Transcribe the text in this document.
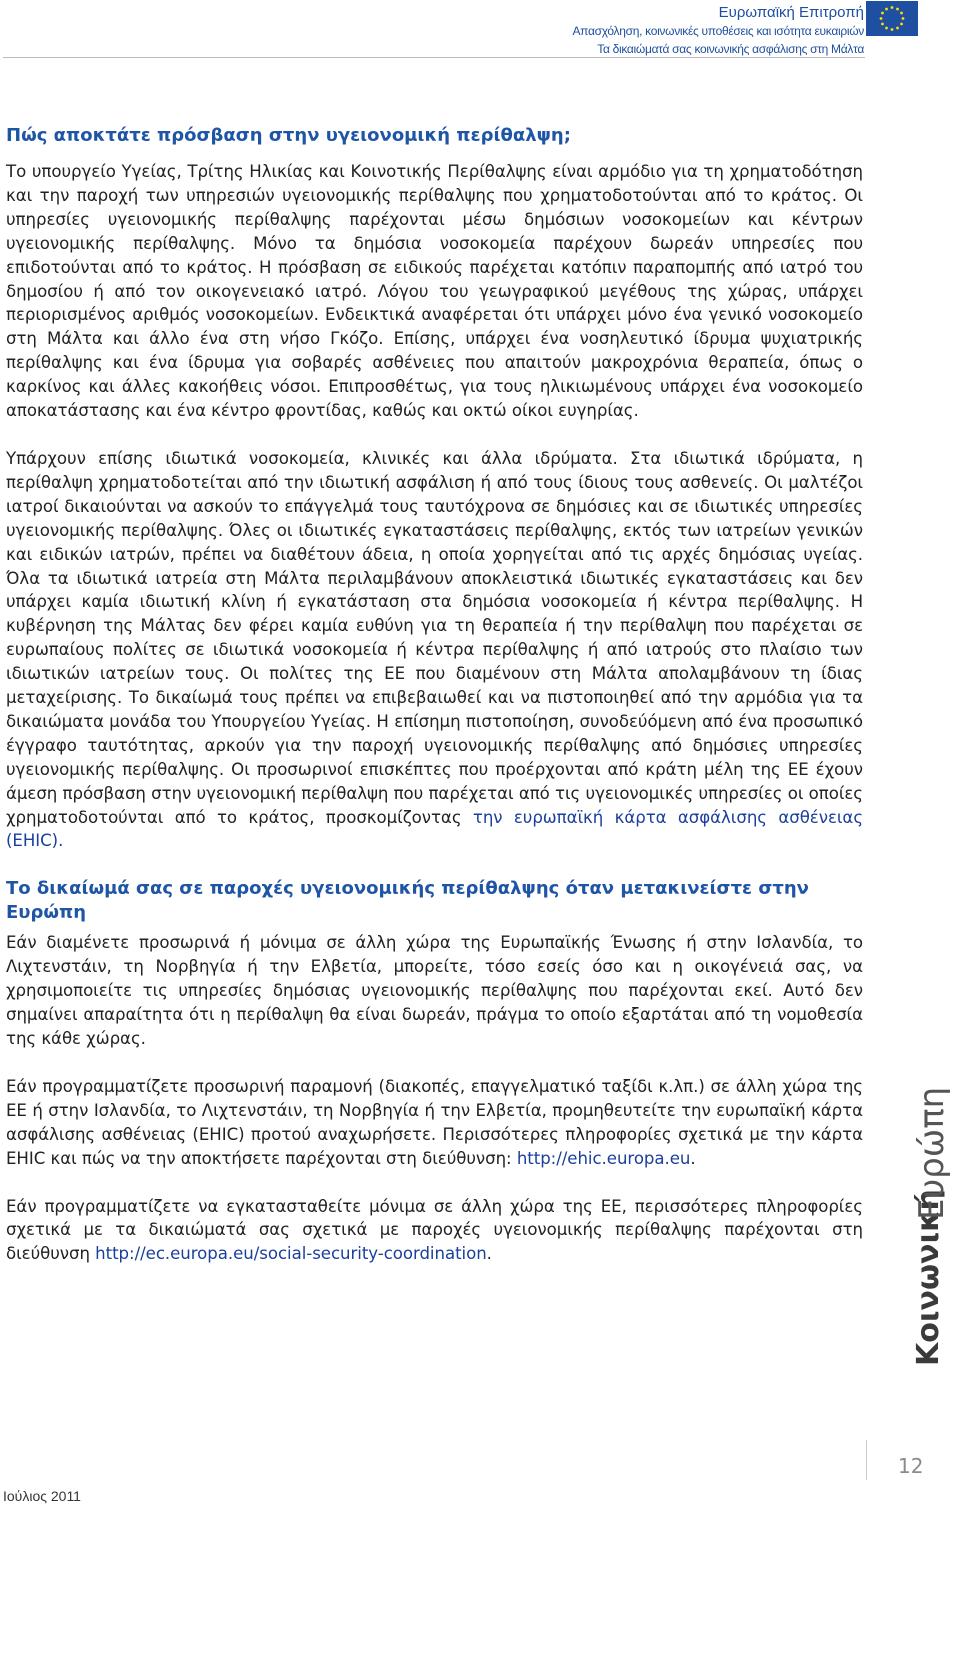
Ευρωπαϊκή Επιτροπή
Απασχόληση, κοινωνικές υποθέσεις και ισότητα ευκαιριών
Τα δικαιώματά σας κοινωνικής ασφάλισης στη Μάλτα
Πώς αποκτάτε πρόσβαση στην υγειονομική περίθαλψη;

Το υπουργείο Υγείας, Τρίτης Ηλικίας και Κοινοτικής Περίθαλψης είναι αρμόδιο για τη χρηματοδότηση και την παροχή των υπηρεσιών υγειονομικής περίθαλψης που χρηματοδοτούνται από το κράτος. Οι υπηρεσίες υγειονομικής περίθαλψης παρέχονται μέσω δημόσιων νοσοκομείων και κέντρων υγειονομικής περίθαλψης. Μόνο τα δημόσια νοσοκομεία παρέχουν δωρεάν υπηρεσίες που επιδοτούνται από το κράτος. Η πρόσβαση σε ειδικούς παρέχεται κατόπιν παραπομπής από ιατρό του δημοσίου ή από τον οικογενειακό ιατρό. Λόγου του γεωγραφικού μεγέθους της χώρας, υπάρχει περιορισμένος αριθμός νοσοκομείων. Ενδεικτικά αναφέρεται ότι υπάρχει μόνο ένα γενικό νοσοκομείο στη Μάλτα και άλλο ένα στη νήσο Γκόζο. Επίσης, υπάρχει ένα νοσηλευτικό ίδρυμα ψυχιατρικής περίθαλψης και ένα ίδρυμα για σοβαρές ασθένειες που απαιτούν μακροχρόνια θεραπεία, όπως ο καρκίνος και άλλες κακοήθεις νόσοι. Επιπροσθέτως, για τους ηλικιωμένους υπάρχει ένα νοσοκομείο αποκατάστασης και ένα κέντρο φροντίδας, καθώς και οκτώ οίκοι ευγηρίας.

Υπάρχουν επίσης ιδιωτικά νοσοκομεία, κλινικές και άλλα ιδρύματα. Στα ιδιωτικά ιδρύματα, η περίθαλψη χρηματοδοτείται από την ιδιωτική ασφάλιση ή από τους ίδιους τους ασθενείς. Οι μαλτέζοι ιατροί δικαιούνται να ασκούν το επάγγελμά τους ταυτόχρονα σε δημόσιες και σε ιδιωτικές υπηρεσίες υγειονομικής περίθαλψης. Όλες οι ιδιωτικές εγκαταστάσεις περίθαλψης, εκτός των ιατρείων γενικών και ειδικών ιατρών, πρέπει να διαθέτουν άδεια, η οποία χορηγείται από τις αρχές δημόσιας υγείας. Όλα τα ιδιωτικά ιατρεία στη Μάλτα περιλαμβάνουν αποκλειστικά ιδιωτικές εγκαταστάσεις και δεν υπάρχει καμία ιδιωτική κλίνη ή εγκατάσταση στα δημόσια νοσοκομεία ή κέντρα περίθαλψης. Η κυβέρνηση της Μάλτας δεν φέρει καμία ευθύνη για τη θεραπεία ή την περίθαλψη που παρέχεται σε ευρωπαίους πολίτες σε ιδιωτικά νοσοκομεία ή κέντρα περίθαλψης ή από ιατρούς στο πλαίσιο των ιδιωτικών ιατρείων τους. Οι πολίτες της ΕΕ που διαμένουν στη Μάλτα απολαμβάνουν τη ίδιας μεταχείρισης. Το δικαίωμά τους πρέπει να επιβεβαιωθεί και να πιστοποιηθεί από την αρμόδια για τα δικαιώματα μονάδα του Υπουργείου Υγείας. Η επίσημη πιστοποίηση, συνοδεύόμενη από ένα προσωπικό έγγραφο ταυτότητας, αρκούν για την παροχή υγειονομικής περίθαλψης από δημόσιες υπηρεσίες υγειονομικής περίθαλψης. Οι προσωρινοί επισκέπτες που προέρχονται από κράτη μέλη της ΕΕ έχουν άμεση πρόσβαση στην υγειονομική περίθαλψη που παρέχεται από τις υγειονομικές υπηρεσίες οι οποίες χρηματοδοτούνται από το κράτος, προσκομίζοντας την ευρωπαϊκή κάρτα ασφάλισης ασθένειας (EHIC).

Το δικαίωμά σας σε παροχές υγειονομικής περίθαλψης όταν μετακινείστε στην Ευρώπη

Εάν διαμένετε προσωρινά ή μόνιμα σε άλλη χώρα της Ευρωπαϊκής Ένωσης ή στην Ισλανδία, το Λιχτενστάιν, τη Νορβηγία ή την Ελβετία, μπορείτε, τόσο εσείς όσο και η οικογένειά σας, να χρησιμοποιείτε τις υπηρεσίες δημόσιας υγειονομικής περίθαλψης που παρέχονται εκεί. Αυτό δεν σημαίνει απαραίτητα ότι η περίθαλψη θα είναι δωρεάν, πράγμα το οποίο εξαρτάται από τη νομοθεσία της κάθε χώρας.

Εάν προγραμματίζετε προσωρινή παραμονή (διακοπές, επαγγελματικό ταξίδι κ.λπ.) σε άλλη χώρα της ΕΕ ή στην Ισλανδία, το Λιχτενστάιν, τη Νορβηγία ή την Ελβετία, προμηθευτείτε την ευρωπαϊκή κάρτα ασφάλισης ασθένειας (EHIC) προτού αναχωρήσετε. Περισσότερες πληροφορίες σχετικά με την κάρτα EHIC και πώς να την αποκτήσετε παρέχονται στη διεύθυνση: http://ehic.europa.eu.

Εάν προγραμματίζετε να εγκατασταθείτε μόνιμα σε άλλη χώρα της ΕΕ, περισσότερες πληροφορίες σχετικά με τα δικαιώματά σας σχετικά με παροχές υγειονομικής περίθαλψης παρέχονται στη διεύθυνση http://ec.europa.eu/social-security-coordination.	Κοινωνική
Ευρώπη
12
Ιούλιος 2011
